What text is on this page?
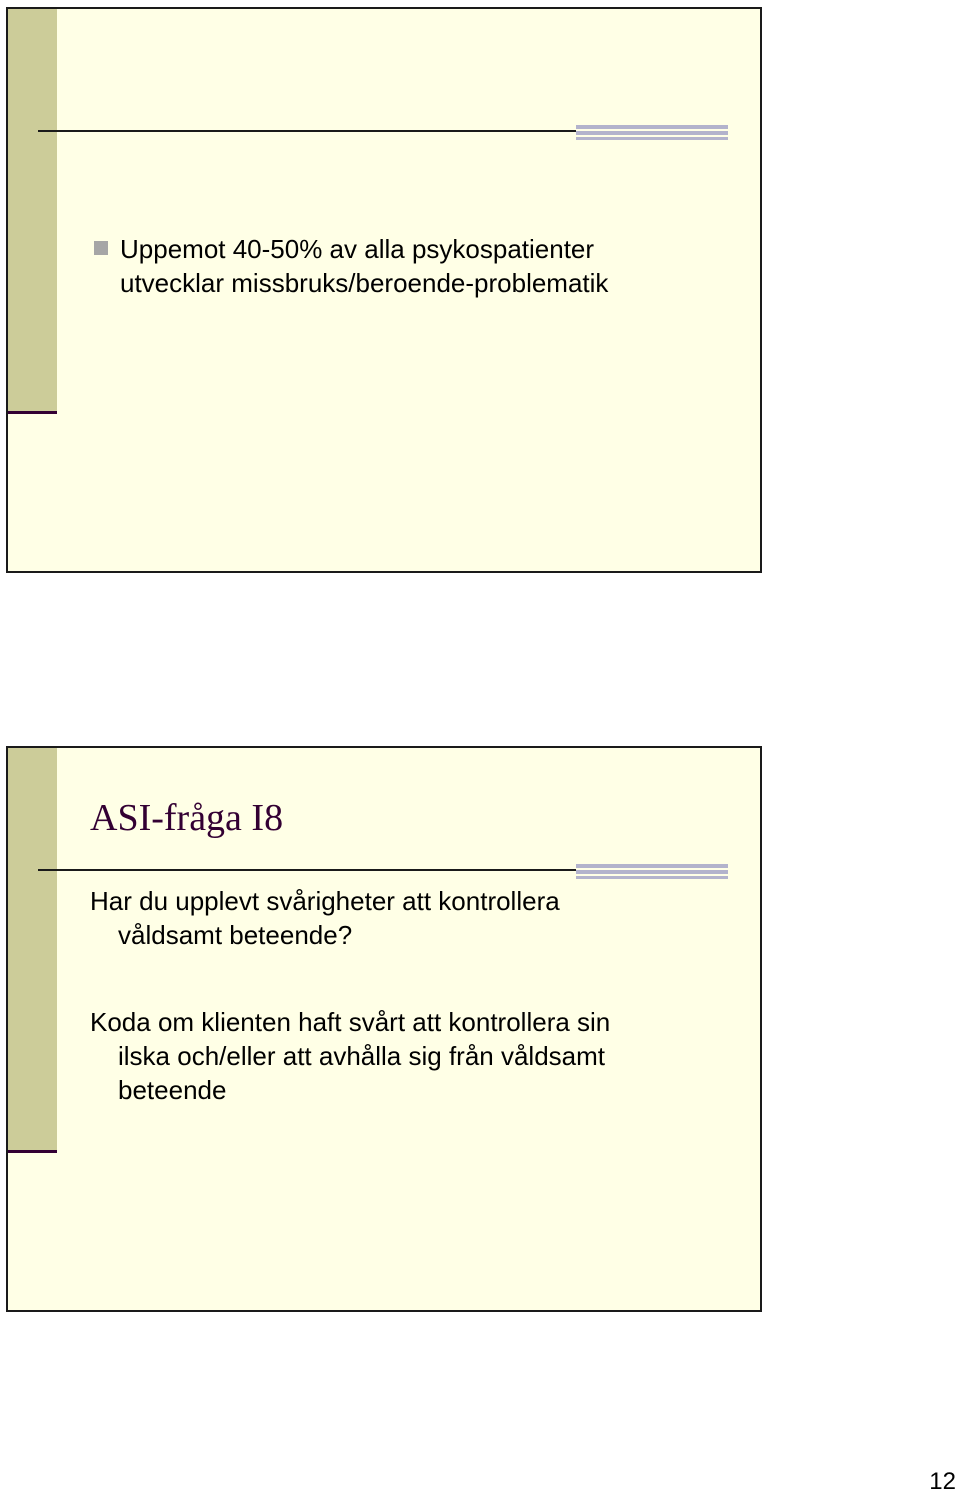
Uppemot 40-50% av alla psykospatienter
utvecklar missbruks/beroende-problematik
ASI-fråga I8
Har du upplevt svårigheter att kontrollera
våldsamt beteende?
Koda om klienten haft svårt att kontrollera sin
ilska och/eller att avhålla sig från våldsamt
beteende
12
